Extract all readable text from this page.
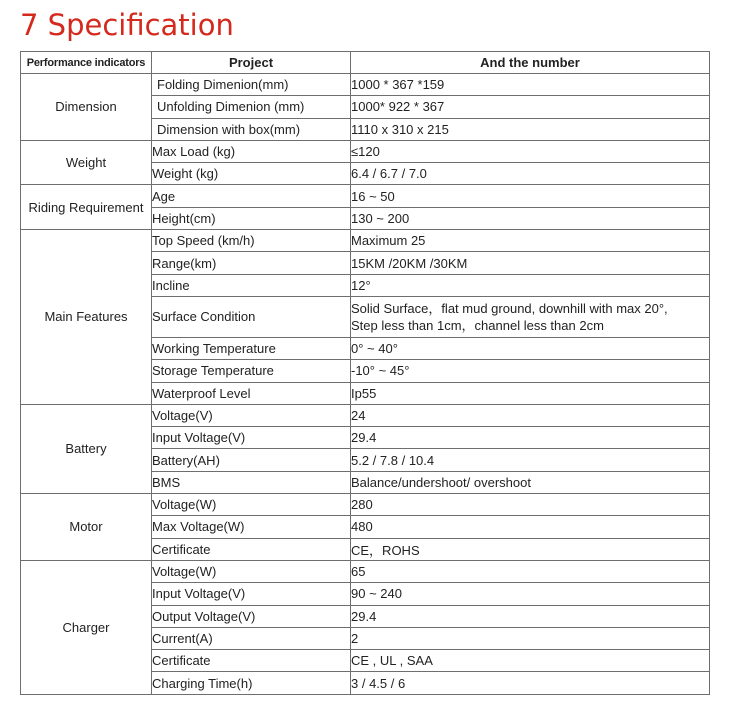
7 Specification
Performance indicators	Project	And the number
Dimension	Folding Dimenion(mm)	1000 * 367 *159
	Unfolding Dimenion (mm)	1000* 922 * 367
	Dimension with box(mm)	1110 x 310 x 215
Weight	Max Load (kg)	≤120
	Weight (kg)	6.4 / 6.7 / 7.0
Riding Requirement	Age	16 ~ 50
	Height(cm)	130 ~ 200
Main Features	Top Speed (km/h)	Maximum 25
	Range(km)	15KM /20KM /30KM
	Incline	12°
	Surface Condition	Solid Surface，flat mud ground, downhill with max 20°,
Step less than 1cm，channel less than 2cm

	Working Temperature	0° ~ 40°
	Storage Temperature	-10° ~ 45°
	Waterproof Level	Ip55
Battery	Voltage(V)	24
	Input Voltage(V)	29.4
	Battery(AH)	5.2 / 7.8 / 10.4
	BMS	Balance/undershoot/ overshoot
Motor	Voltage(W)	280
	Max Voltage(W)	480
	Certificate	CE，ROHS
Charger	Voltage(W)	65
	Input Voltage(V)	90 ~ 240
	Output Voltage(V)	29.4
	Current(A)	2
	Certificate	CE , UL , SAA
	Charging Time(h)	3 / 4.5 / 6
